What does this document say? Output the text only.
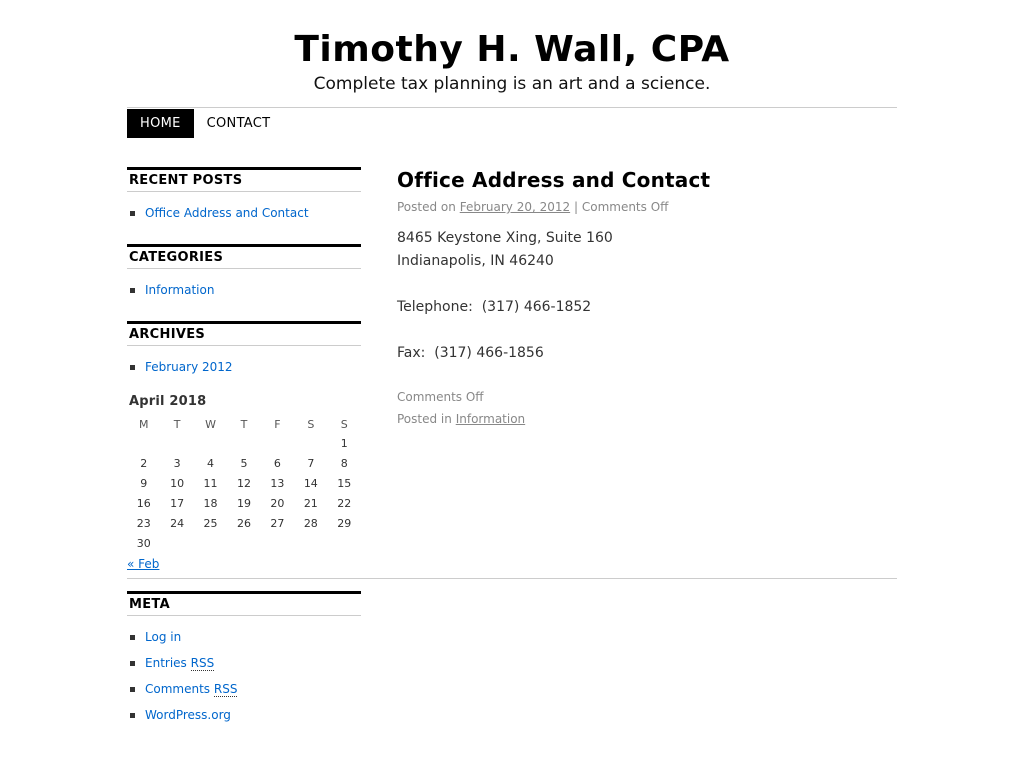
Timothy H. Wall, CPA
Complete tax planning is an art and a science.
HOME	CONTACT
RECENT POSTS
Office Address and Contact
CATEGORIES
Information
ARCHIVES
February 2012
April 2018
M	T	W	T	F	S	S
						1
2	3	4	5	6	7	8
9	10	11	12	13	14	15
16	17	18	19	20	21	22
23	24	25	26	27	28	29
30						
« Feb
META
Log in
Entries RSS
Comments RSS
WordPress.org
Office Address and Contact
Posted on February 20, 2012 | Comments Off

8465 Keystone Xing, Suite 160
Indianapolis, IN 46240

Telephone:  (317) 466-1852

Fax:  (317) 466-1856

Comments Off
Posted in Information
